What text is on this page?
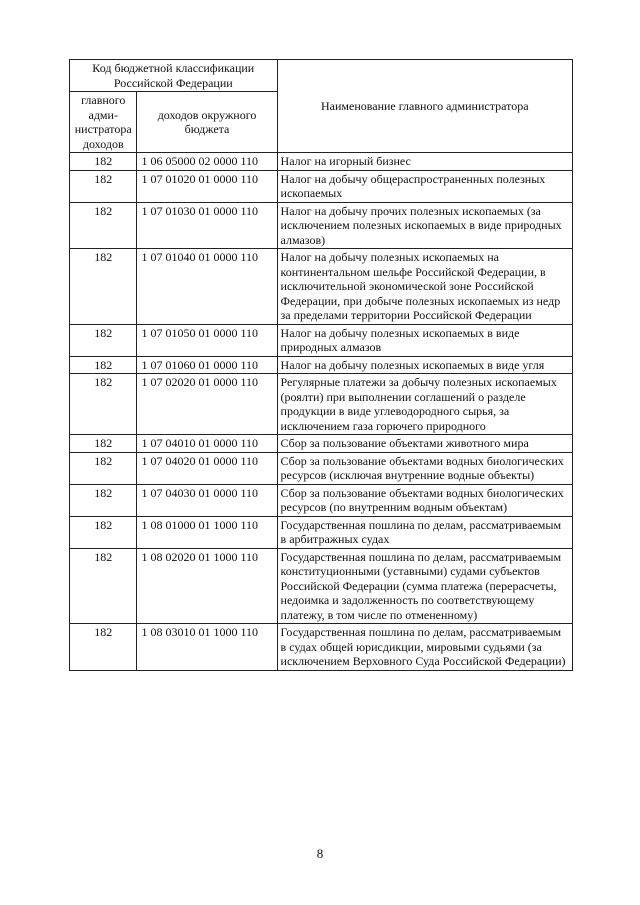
Код бюджетной классификации Российской Федерации		Наименование главного администратора
главного адми-нистратора доходов	доходов окружного бюджета	
182	1 06 05000 02 0000 110	Налог на игорный бизнес
182	1 07 01020 01 0000 110	Налог на добычу общераспространенных полезных ископаемых
182	1 07 01030 01 0000 110	Налог на добычу прочих полезных ископаемых (за исключением полезных ископаемых в виде природных алмазов)
182	1 07 01040 01 0000 110	Налог на добычу полезных ископаемых на континентальном шельфе Российской Федерации, в исключительной экономической зоне Российской Федерации, при добыче полезных ископаемых из недр за пределами территории Российской Федерации
182	1 07 01050 01 0000 110	Налог на добычу полезных ископаемых в виде природных алмазов
182	1 07 01060 01 0000 110	Налог на добычу полезных ископаемых в виде угля
182	1 07 02020 01 0000 110	Регулярные платежи за добычу полезных ископаемых (роялти) при выполнении соглашений о разделе продукции в виде углеводородного сырья, за исключением газа горючего природного
182	1 07 04010 01 0000 110	Сбор за пользование объектами животного мира
182	1 07 04020 01 0000 110	Сбор за пользование объектами водных биологических ресурсов (исключая внутренние водные объекты)
182	1 07 04030 01 0000 110	Сбор за пользование объектами водных биологических ресурсов (по внутренним водным объектам)
182	1 08 01000 01 1000 110	Государственная пошлина по делам, рассматриваемым в арбитражных судах
182	1 08 02020 01 1000 110	Государственная пошлина по делам, рассматриваемым конституционными (уставными) судами субъектов Российской Федерации (сумма платежа (перерасчеты, недоимка и задолженность по соответствующему платежу, в том числе по отмененному)
182	1 08 03010 01 1000 110	Государственная пошлина по делам, рассматриваемым в судах общей юрисдикции, мировыми судьями (за исключением Верховного Суда Российской Федерации)
8
